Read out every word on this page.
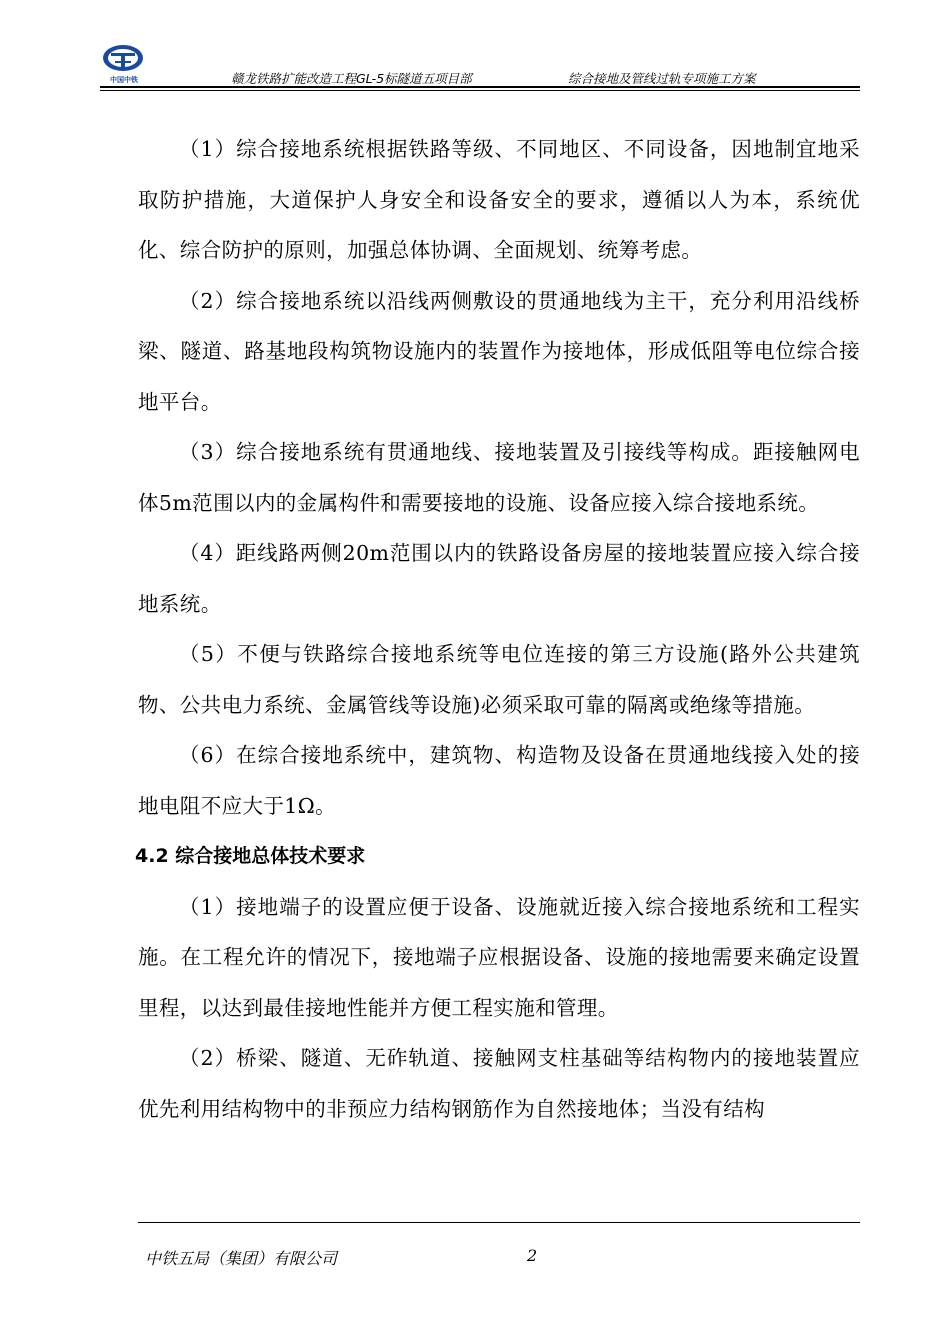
中国中铁	赣龙铁路扩能改造工程GL-5标隧道五项目部	综合接地及管线过轨专项施工方案

（1）综合接地系统根据铁路等级、不同地区、不同设备，因地制宜地采取防护措施，大道保护人身安全和设备安全的要求，遵循以人为本，系统优化、综合防护的原则，加强总体协调、全面规划、统筹考虑。

（2）综合接地系统以沿线两侧敷设的贯通地线为主干，充分利用沿线桥梁、隧道、路基地段构筑物设施内的装置作为接地体，形成低阻等电位综合接地平台。

（3）综合接地系统有贯通地线、接地装置及引接线等构成。距接触网电体5m范围以内的金属构件和需要接地的设施、设备应接入综合接地系统。

（4）距线路两侧20m范围以内的铁路设备房屋的接地装置应接入综合接地系统。

（5）不便与铁路综合接地系统等电位连接的第三方设施(路外公共建筑物、公共电力系统、金属管线等设施)必须采取可靠的隔离或绝缘等措施。

（6）在综合接地系统中，建筑物、构造物及设备在贯通地线接入处的接地电阻不应大于1Ω。

4.2 综合接地总体技术要求

（1）接地端子的设置应便于设备、设施就近接入综合接地系统和工程实施。在工程允许的情况下，接地端子应根据设备、设施的接地需要来确定设置里程，以达到最佳接地性能并方便工程实施和管理。

（2）桥梁、隧道、无砟轨道、接触网支柱基础等结构物内的接地装置应优先利用结构物中的非预应力结构钢筋作为自然接地体；当没有结构

中铁五局（集团）有限公司	2
